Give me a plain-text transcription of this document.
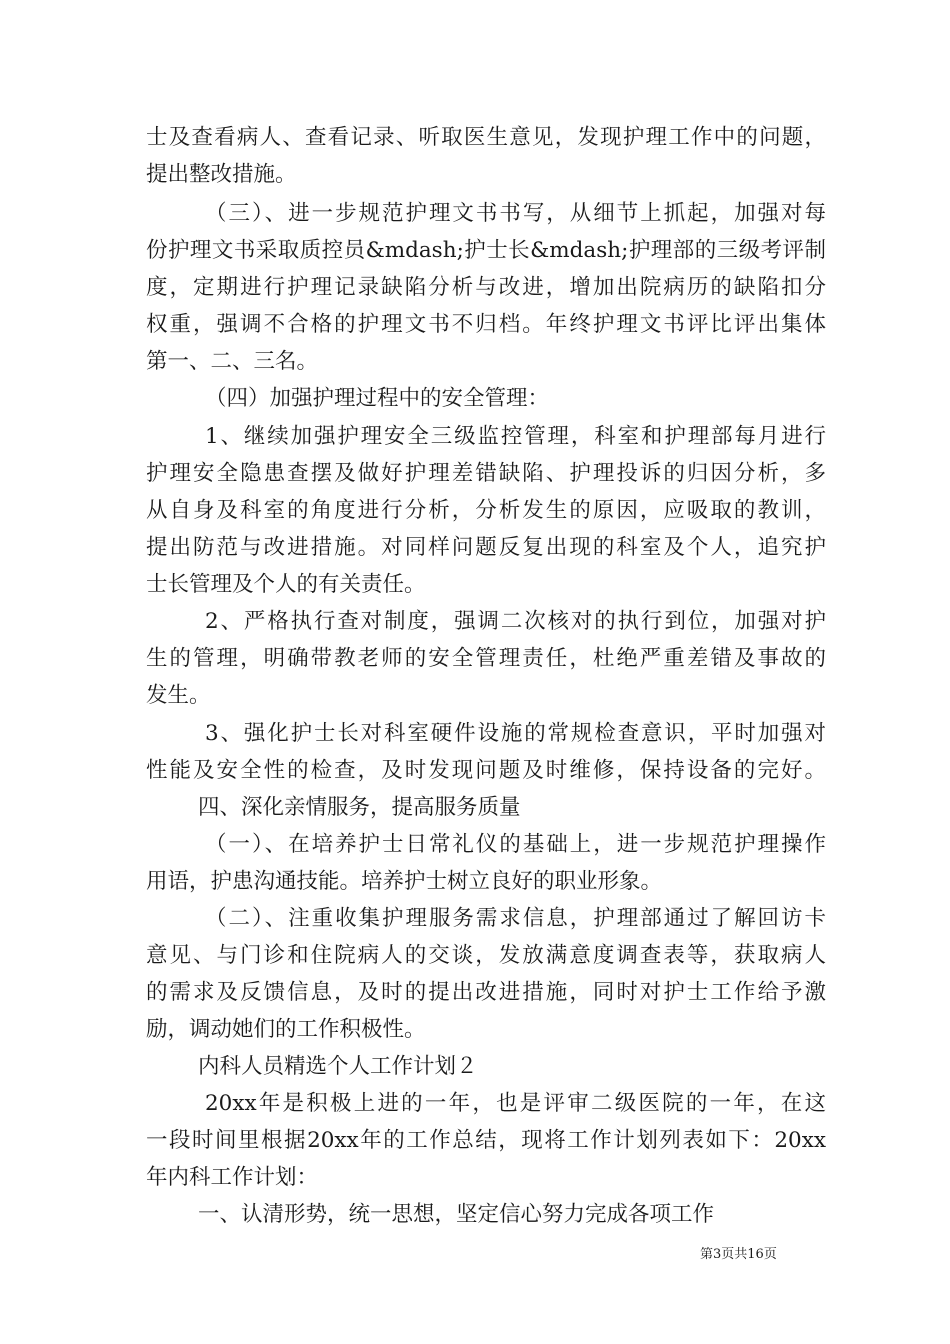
士及查看病人、查看记录、听取医生意见，发现护理工作中的问题，
提出整改措施。
（三）、进一步规范护理文书书写，从细节上抓起，加强对每
份护理文书采取质控员&mdash;护士长&mdash;护理部的三级考评制
度，定期进行护理记录缺陷分析与改进，增加出院病历的缺陷扣分
权重，强调不合格的护理文书不归档。年终护理文书评比评出集体
第一、二、三名。
（四）加强护理过程中的安全管理：
1、继续加强护理安全三级监控管理，科室和护理部每月进行
护理安全隐患查摆及做好护理差错缺陷、护理投诉的归因分析，多
从自身及科室的角度进行分析，分析发生的原因，应吸取的教训，
提出防范与改进措施。对同样问题反复出现的科室及个人，追究护
士长管理及个人的有关责任。
2、严格执行查对制度，强调二次核对的执行到位，加强对护
生的管理，明确带教老师的安全管理责任，杜绝严重差错及事故的
发生。
3、强化护士长对科室硬件设施的常规检查意识，平时加强对
性能及安全性的检查，及时发现问题及时维修，保持设备的完好。
四、深化亲情服务，提高服务质量
（一）、在培养护士日常礼仪的基础上，进一步规范护理操作
用语，护患沟通技能。培养护士树立良好的职业形象。
（二）、注重收集护理服务需求信息，护理部通过了解回访卡
意见、与门诊和住院病人的交谈，发放满意度调查表等，获取病人
的需求及反馈信息，及时的提出改进措施，同时对护士工作给予激
励，调动她们的工作积极性。
内科人员精选个人工作计划２
20xx年是积极上进的一年，也是评审二级医院的一年，在这
一段时间里根据20xx年的工作总结，现将工作计划列表如下：20xx
年内科工作计划：
一、认清形势，统一思想，坚定信心努力完成各项工作
第3页共16页
